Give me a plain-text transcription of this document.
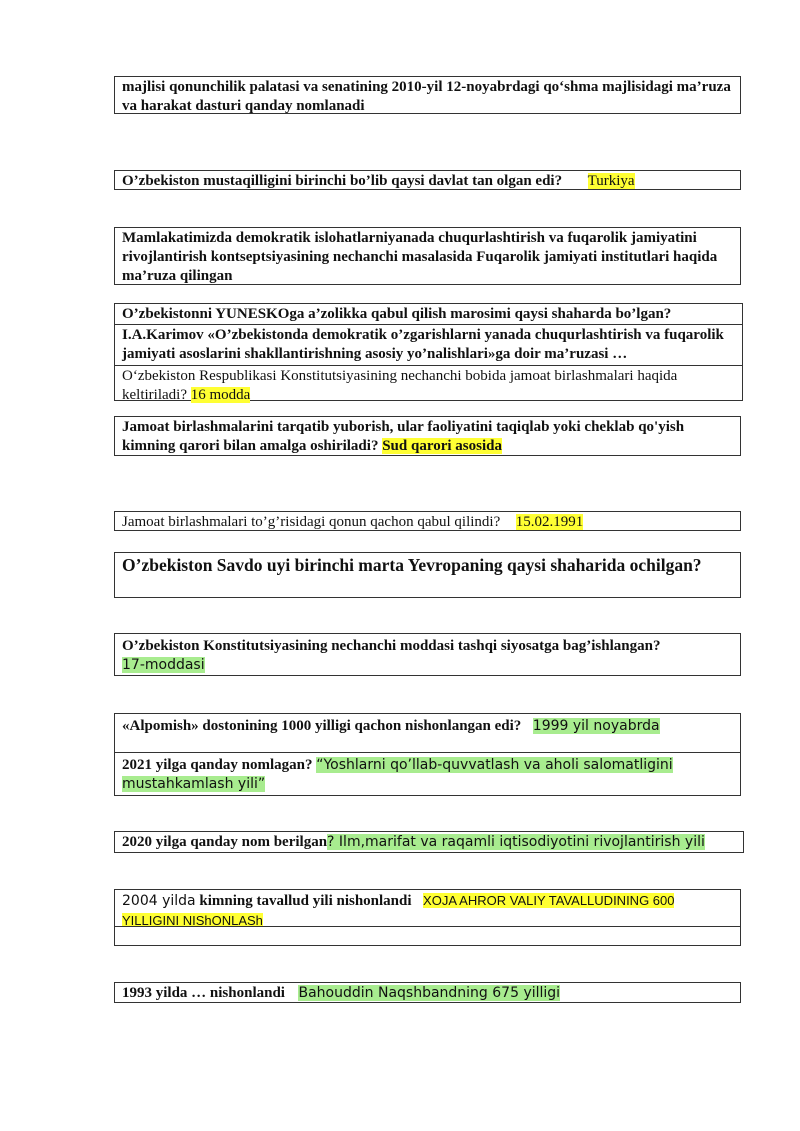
majlisi qonunchilik palatasi va senatining 2010-yil 12-noyabrdagi qo‘shma majlisidagi ma’ruza va harakat dasturi qanday nomlanadi
O’zbekiston mustaqilligini birinchi bo’lib qaysi davlat tan olgan edi? Turkiya
Mamlakatimizda demokratik islohatlarniyanada chuqurlashtirish va fuqarolik jamiyatini rivojlantirish kontseptsiyasining nechanchi masalasida Fuqarolik jamiyati institutlari haqida ma’ruza qilingan
O’zbekistonni YUNESKOga a’zolikka qabul qilish marosimi qaysi shaharda bo’lgan?
I.A.Karimov «O’zbekistonda demokratik o’zgarishlarni yanada chuqurlashtirish va fuqarolik jamiyati asoslarini shakllantirishning asosiy yo’nalishlari»ga doir ma’ruzasi …
O‘zbekiston Respublikasi Konstitutsiyasining nechanchi bobida jamoat birlashmalari haqida keltiriladi? 16 modda
Jamoat birlashmalarini tarqatib yuborish, ular faoliyatini taqiqlab yoki cheklab qo'yish kimning qarori bilan amalga oshiriladi? Sud qarori asosida
Jamoat birlashmalari to’g’risidagi qonun qachon qabul qilindi? 15.02.1991
O’zbekiston Savdo uyi birinchi marta Yevropaning qaysi shaharida ochilgan?
O’zbekiston Konstitutsiyasining nechanchi moddasi tashqi siyosatga bag’ishlangan?
17-moddasi
«Alpomish» dostonining 1000 yilligi qachon nishonlangan edi? 1999 yil noyabrda
2021 yilga qanday nomlagan? “Yoshlarni qo’llab-quvvatlash va aholi salomatligini mustahkamlash yili”
2020 yilga qanday nom berilgan? Ilm,marifat va raqamli iqtisodiyotini rivojlantirish yili
2004 yilda kimning tavallud yili nishonlandi XOJA AHROR VALIY TAVALLUDINING 600 YILLIGINI NIShONLASh
1993 yilda … nishonlandi Bahouddin Naqshbandning 675 yilligi
